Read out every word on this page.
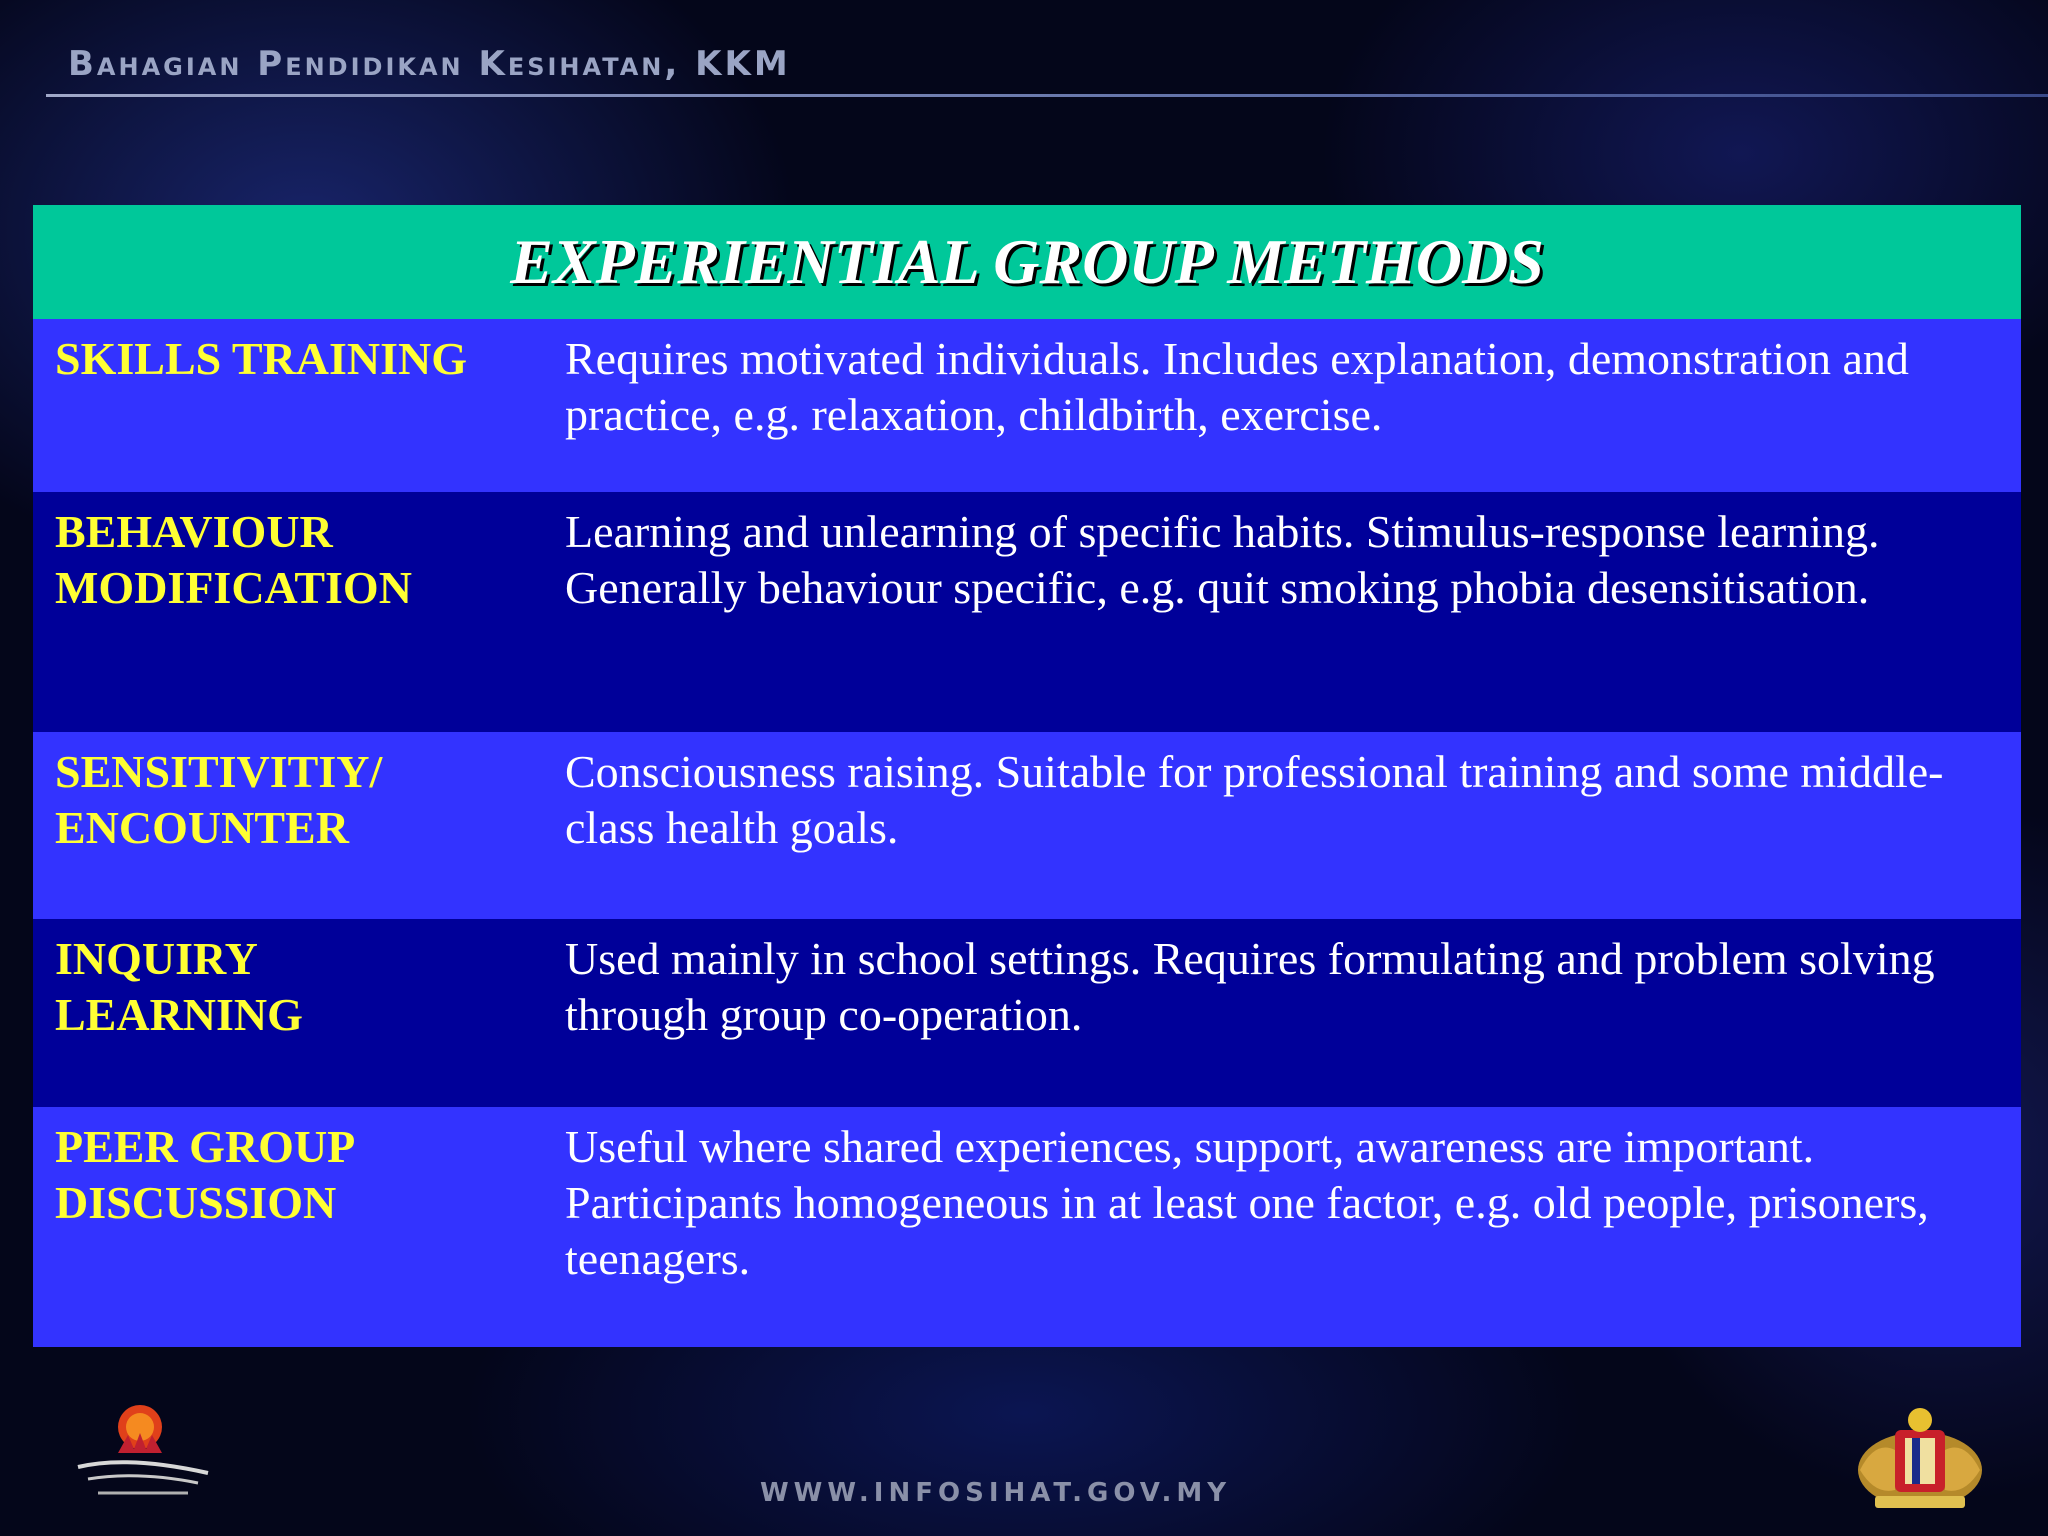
Bahagian Pendidikan Kesihatan, KKM
EXPERIENTIAL GROUP METHODS
SKILLS TRAINING	Requires motivated individuals. Includes explanation, demonstration and practice, e.g. relaxation, childbirth, exercise.
BEHAVIOUR
MODIFICATION
Learning and unlearning of specific habits. Stimulus-response learning. Generally behaviour specific, e.g. quit smoking phobia desensitisation.
SENSITIVITIY/
ENCOUNTER
Consciousness raising. Suitable for professional training and some middle-class health goals.
INQUIRY
LEARNING
Used mainly in school settings. Requires formulating and problem solving through group co-operation.
PEER GROUP
DISCUSSION
Useful where shared experiences, support, awareness are important. Participants homogeneous in at least one factor, e.g. old people, prisoners, teenagers.
WWW.INFOSIHAT.GOV.MY
